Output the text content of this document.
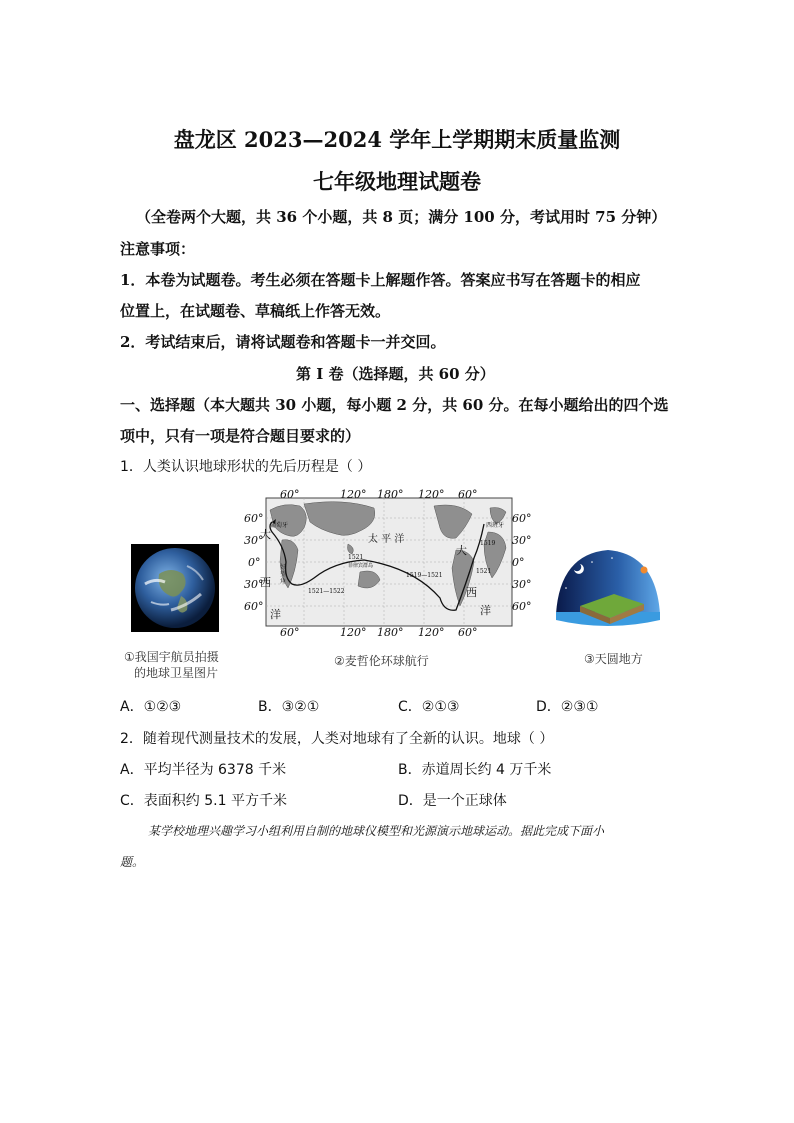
盘龙区 2023—2024 学年上学期期末质量监测
七年级地理试题卷
（全卷两个大题，共 36 个小题，共 8 页；满分 100 分，考试用时 75 分钟）
注意事项：
1．本卷为试题卷。考生必须在答题卡上解题作答。答案应书写在答题卡的相应
位置上，在试题卷、草稿纸上作答无效。
2．考试结束后，请将试题卷和答题卡一并交回。
第 I 卷（选择题，共 60 分）
一、选择题（本大题共 30 小题，每小题 2 分，共 60 分。在每小题给出的四个选
项中，只有一项是符合题目要求的）
1．人类认识地球形状的先后历程是（ ）
①我国宇航员拍摄
的地球卫星图片
60°	120° 180° 120° 60°
60°	120° 180° 120° 60°
60°
30°
0°
30°
60°
60°
30°
0°
30°
60°
大
西
洋
太 平 洋
大
西
洋
葡萄牙
好望角
西班牙
菲律宾群岛
1521—1522
1519—1521
1521
1519
1521
②麦哲伦环球航行	③天圆地方
A．①②③	B．③②①	C．②①③	D．②③①
2．随着现代测量技术的发展，人类对地球有了全新的认识。地球（ ）
A．平均半径为 6378 千米	B．赤道周长约 4 万千米
C．表面积约 5.1 平方千米	D．是一个正球体
某学校地理兴趣学习小组利用自制的地球仪模型和光源演示地球运动。据此完成下面小
题。
